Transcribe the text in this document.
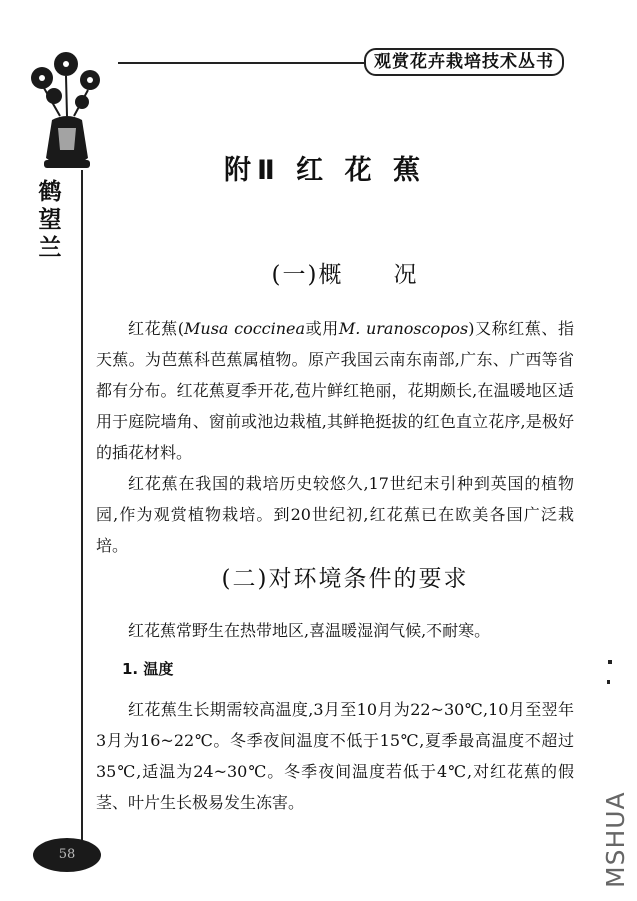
观赏花卉栽培技术丛书
鹤
望
兰
附Ⅱ 红 花 蕉
(一)概　　况

红花蕉(Musa coccinea或用M. uranoscopos)又称红蕉、指天蕉。为芭蕉科芭蕉属植物。原产我国云南东南部,广东、广西等省都有分布。红花蕉夏季开花,苞片鲜红艳丽，花期颇长,在温暖地区适用于庭院墙角、窗前或池边栽植,其鲜艳挺拔的红色直立花序,是极好的插花材料。

红花蕉在我国的栽培历史较悠久,17世纪末引种到英国的植物园,作为观赏植物栽培。到20世纪初,红花蕉已在欧美各国广泛栽培。

(二)对环境条件的要求

红花蕉常野生在热带地区,喜温暖湿润气候,不耐寒。

1. 温度

红花蕉生长期需较高温度,3月至10月为22~30℃,10月至翌年3月为16~22℃。冬季夜间温度不低于15℃,夏季最高温度不超过35℃,适温为24~30℃。冬季夜间温度若低于4℃,对红花蕉的假茎、叶片生长极易发生冻害。

58	MSHUA
